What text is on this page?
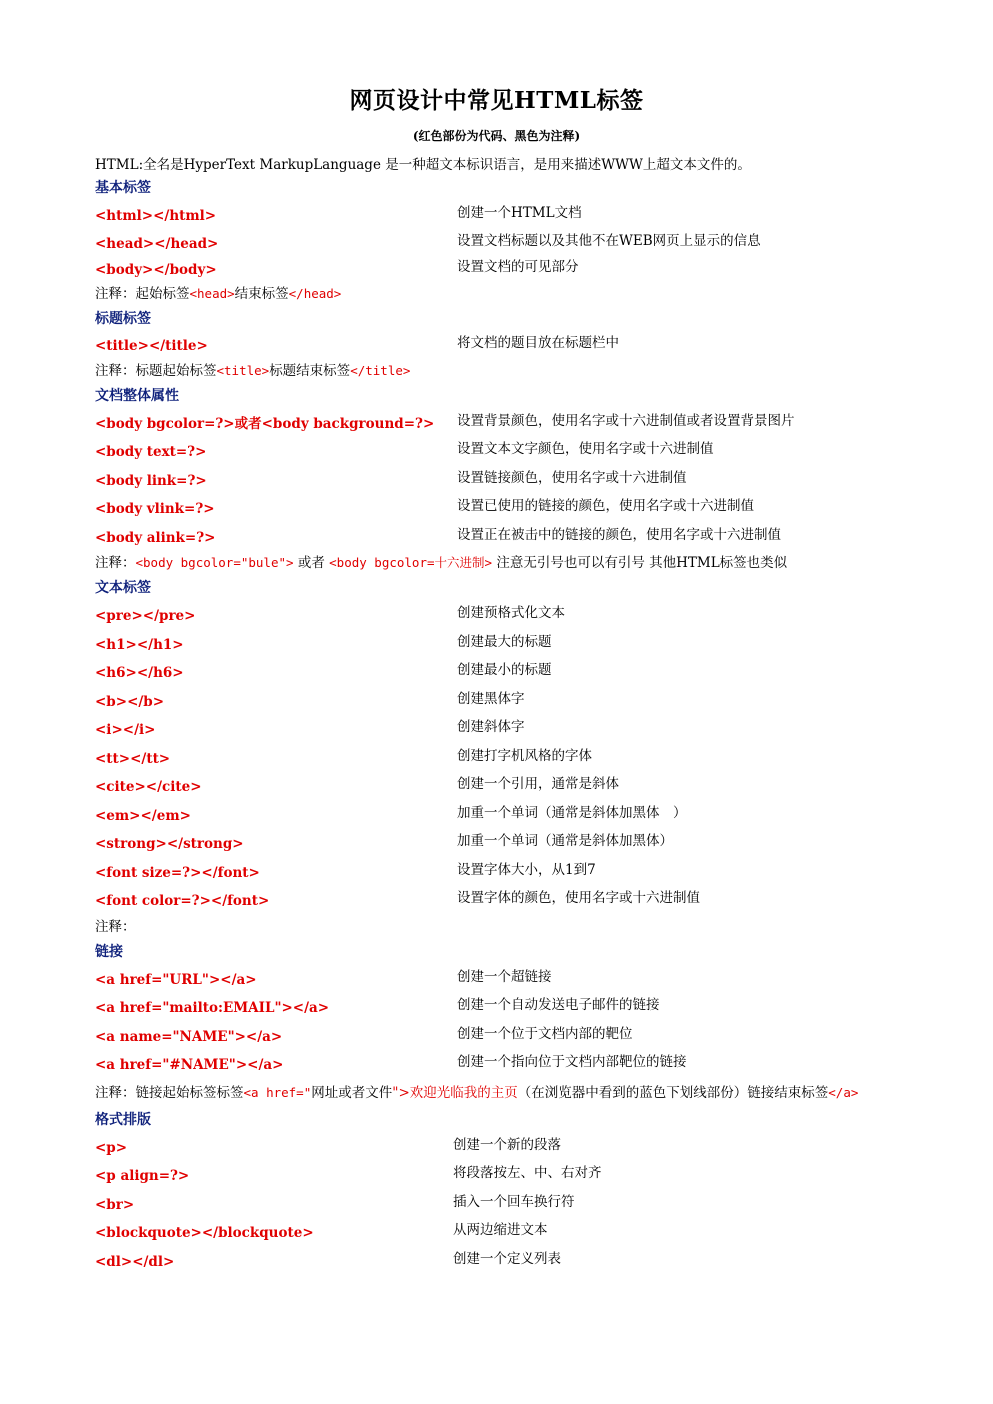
网页设计中常见HTML标签
(红色部份为代码、黑色为注释)
HTML:全名是HyperText MarkupLanguage 是一种超文本标识语言，是用来描述WWW上超文本文件的。
基本标签
<html></html>	创建一个HTML文档
<head></head>	设置文档标题以及其他不在WEB网页上显示的信息
<body></body>	设置文档的可见部分
注释：起始标签<head>结束标签</head>
标题标签
<title></title>	将文档的题目放在标题栏中
注释：标题起始标签<title>标题结束标签</title>
文档整体属性
<body bgcolor=?>或者<body background=?> 设置背景颜色，使用名字或十六进制值或者设置背景图片
<body text=?>	设置文本文字颜色，使用名字或十六进制值
<body link=?>	设置链接颜色，使用名字或十六进制值
<body vlink=?>	设置已使用的链接的颜色，使用名字或十六进制值
<body alink=?>	设置正在被击中的链接的颜色，使用名字或十六进制值
注释：<body bgcolor="bule"> 或者 <body bgcolor=十六进制> 注意无引号也可以有引号 其他HTML标签也类似
文本标签
<pre></pre>	创建预格式化文本
<h1></h1>	创建最大的标题
<h6></h6>	创建最小的标题
<b></b>	创建黑体字
<i></i>	创建斜体字
<tt></tt>	创建打字机风格的字体
<cite></cite>	创建一个引用，通常是斜体
<em></em>	加重一个单词（通常是斜体加黑体　）
<strong></strong>	加重一个单词（通常是斜体加黑体）
<font size=?></font>	设置字体大小，从1到7
<font color=?></font>	设置字体的颜色，使用名字或十六进制值
注释：
链接
<a href="URL"></a>	创建一个超链接
<a href="mailto:EMAIL"></a>	创建一个自动发送电子邮件的链接
<a name="NAME"></a>	创建一个位于文档内部的靶位
<a href="#NAME"></a>	创建一个指向位于文档内部靶位的链接
注释：链接起始标签标签<a href="网址或者文件">欢迎光临我的主页（在浏览器中看到的蓝色下划线部份）链接结束标签</a>
格式排版
<p>	创建一个新的段落
<p align=?>	将段落按左、中、右对齐
<br>	插入一个回车换行符
<blockquote></blockquote>	从两边缩进文本
<dl></dl>	创建一个定义列表
